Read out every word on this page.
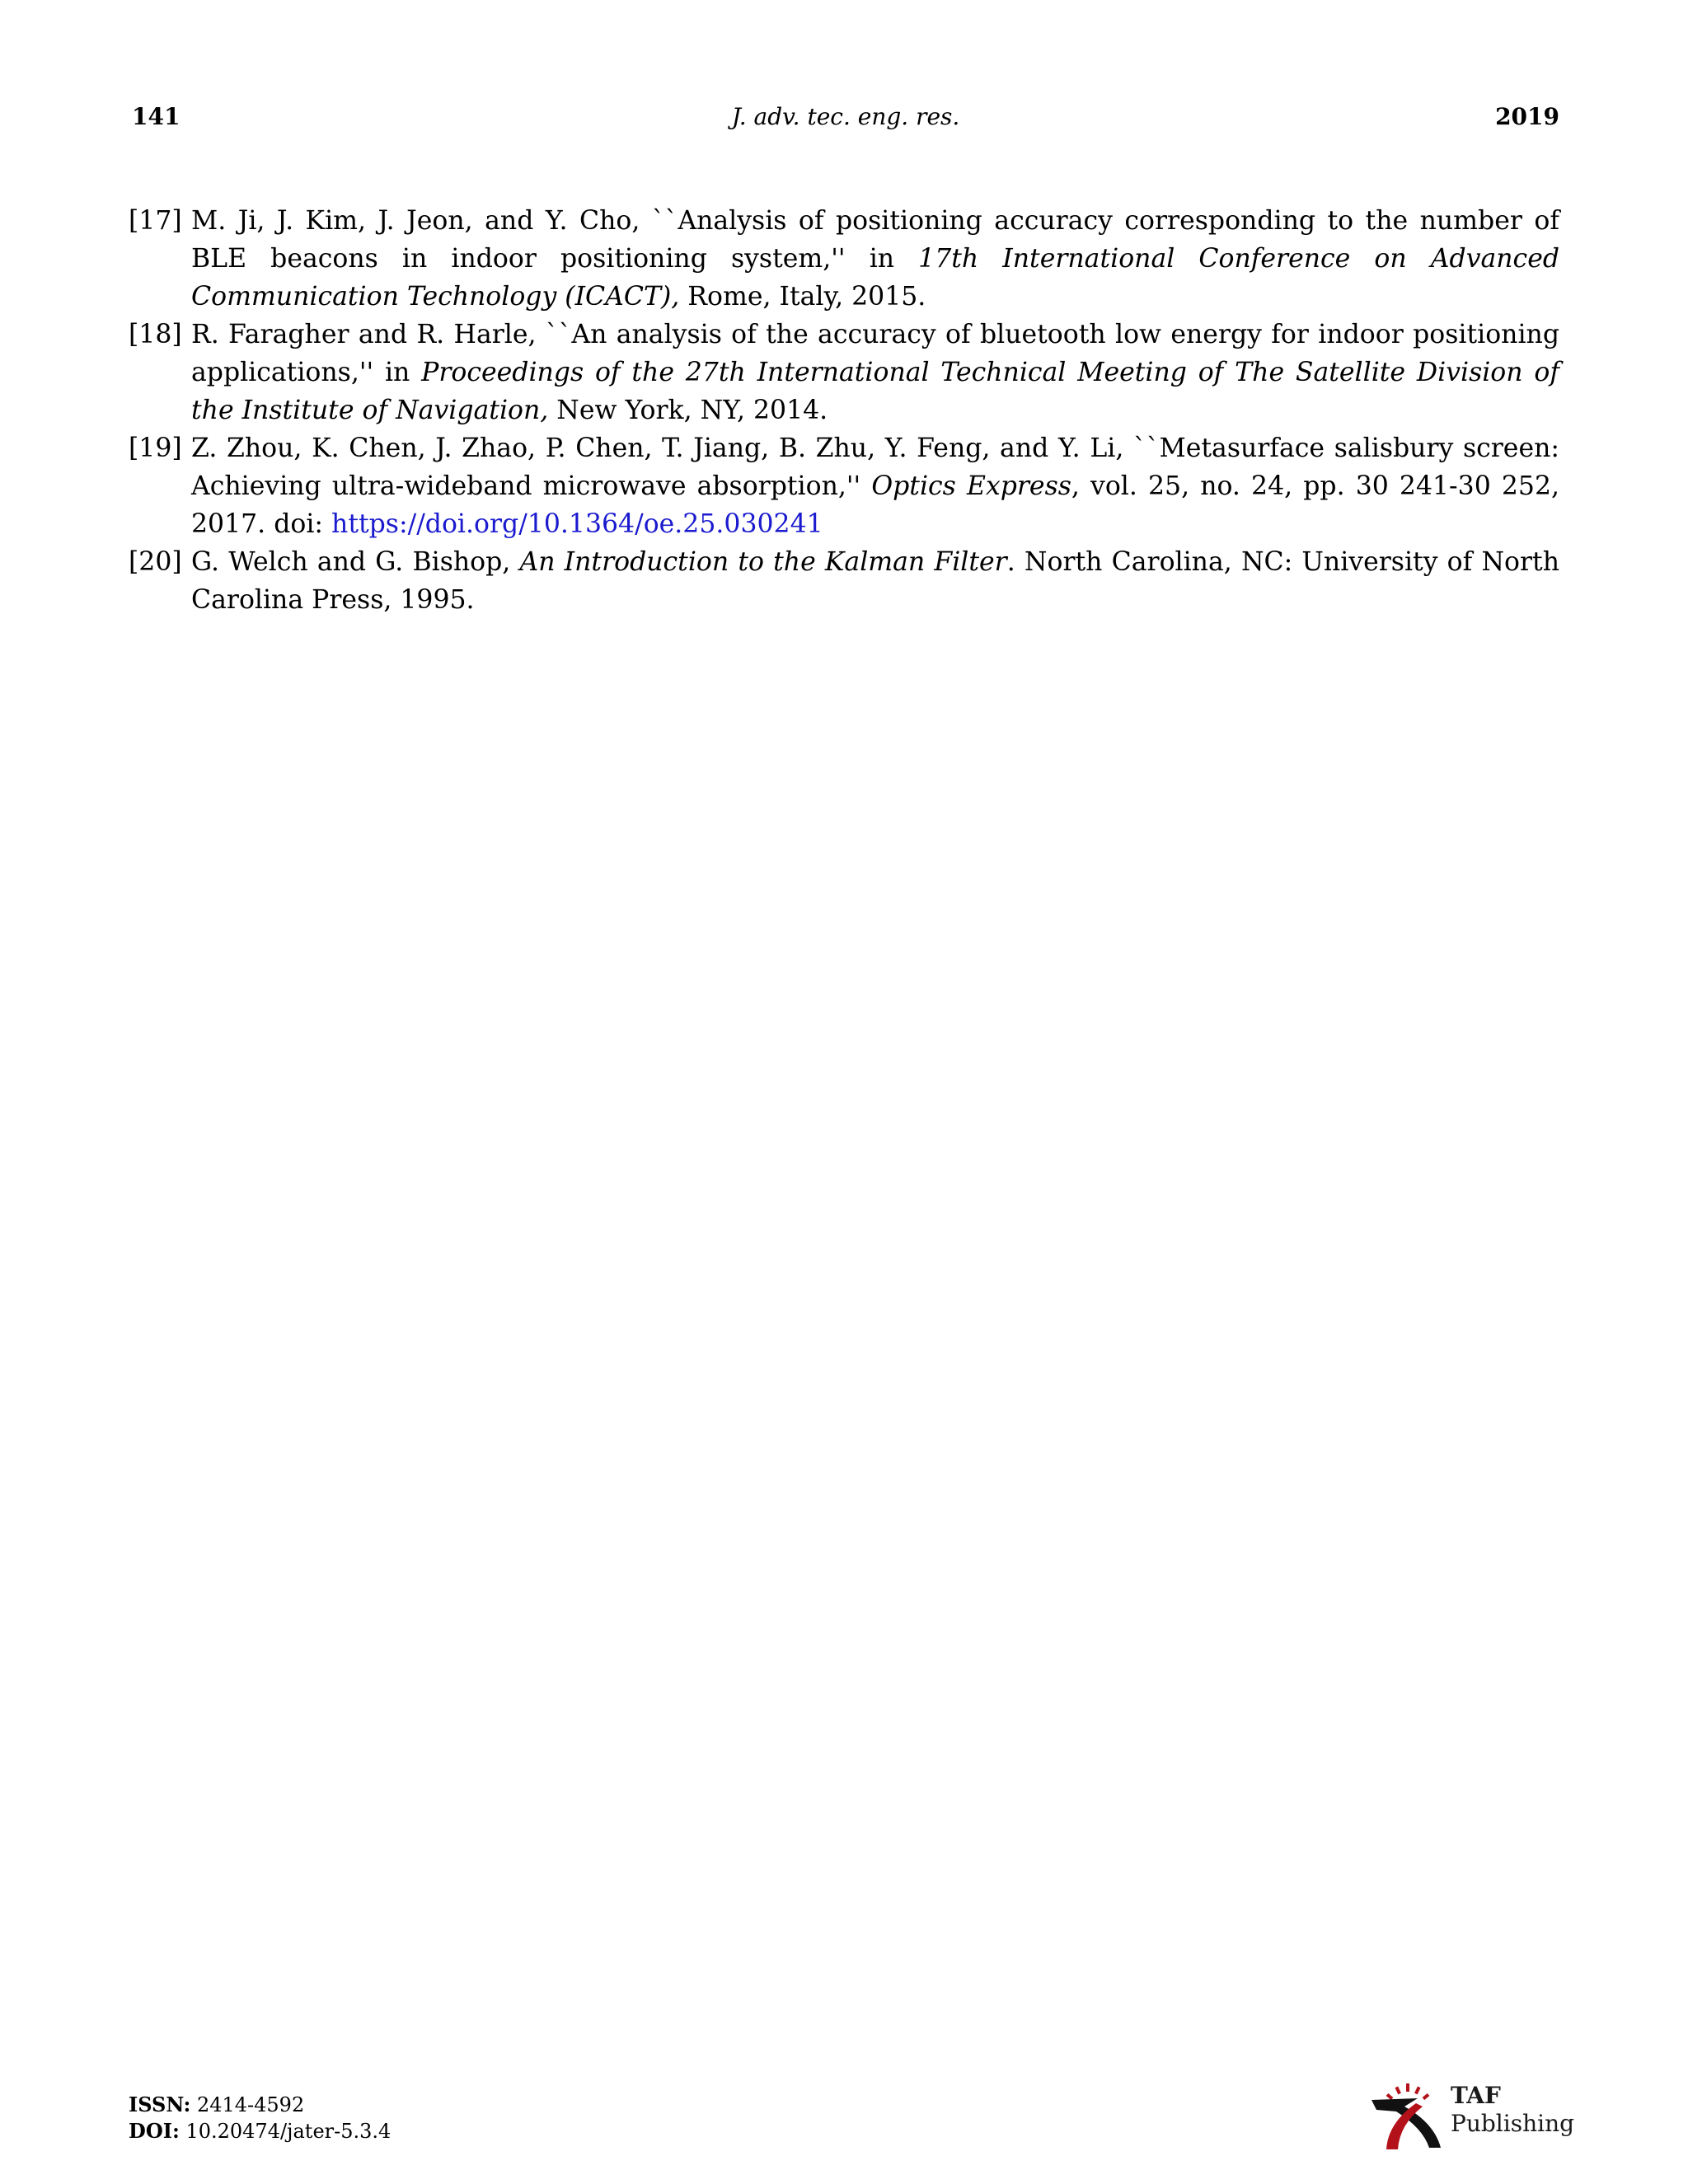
141	J. adv. tec. eng. res.	2019
[17] M. Ji, J. Kim, J. Jeon, and Y. Cho, ``Analysis of positioning accuracy corresponding to the number of BLE beacons in indoor positioning system,'' in 17th International Conference on Advanced Communication Technology (ICACT), Rome, Italy, 2015.
[18] R. Faragher and R. Harle, ``An analysis of the accuracy of bluetooth low energy for indoor positioning applications,'' in Proceedings of the 27th International Technical Meeting of The Satellite Division of the Institute of Navigation, New York, NY, 2014.
[19] Z. Zhou, K. Chen, J. Zhao, P. Chen, T. Jiang, B. Zhu, Y. Feng, and Y. Li, ``Metasurface salisbury screen: Achieving ultra-wideband microwave absorption,'' Optics Express, vol. 25, no. 24, pp. 30 241-30 252, 2017. doi: https://doi.org/10.1364/oe.25.030241
[20] G. Welch and G. Bishop, An Introduction to the Kalman Filter. North Carolina, NC: University of North Carolina Press, 1995.
ISSN: 2414-4592
DOI: 10.20474/jater-5.3.4
TAF
Publishing
